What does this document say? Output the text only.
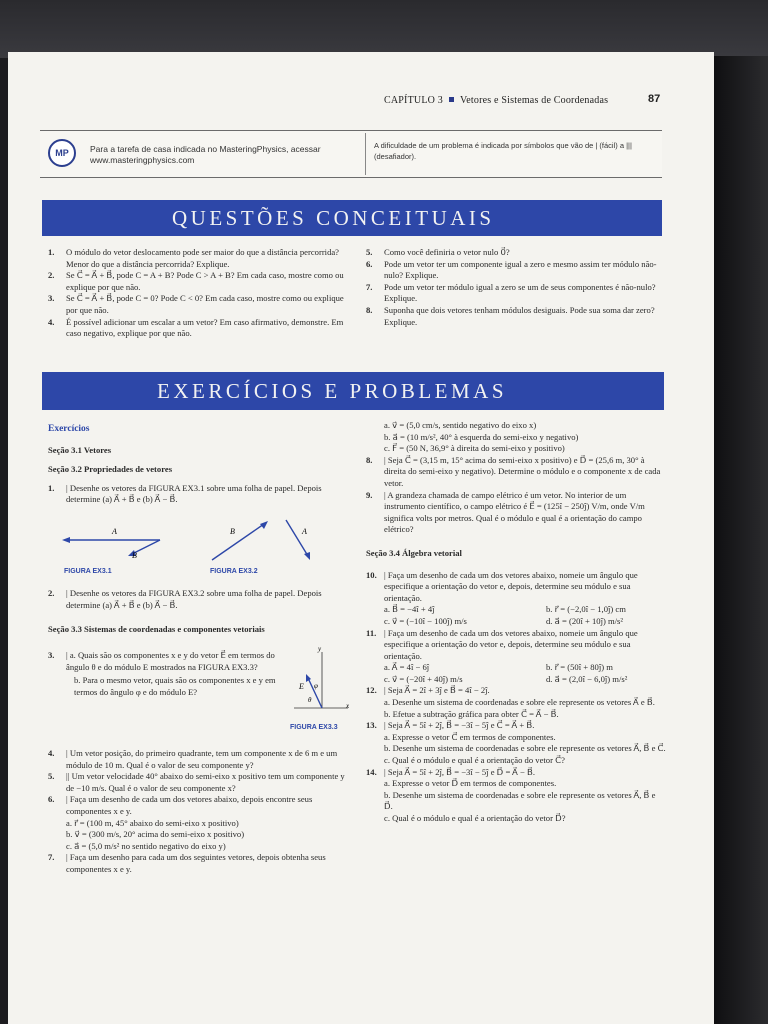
CAPÍTULO 3 Vetores e Sistemas de Coordenadas	87
MP	Para a tarefa de casa indicada no MasteringPhysics, acessar www.masteringphysics.com
A dificuldade de um problema é indicada por símbolos que vão de | (fácil) a ||| (desafiador).
QUESTÕES CONCEITUAIS

1. O módulo do vetor deslocamento pode ser maior do que a distância percorrida? Menor do que a distância percorrida? Explique.

2. Se C⃗ = A⃗ + B⃗, pode C = A + B? Pode C > A + B? Em cada caso, mostre como ou explique por que não.

3. Se C⃗ = A⃗ + B⃗, pode C = 0? Pode C < 0? Em cada caso, mostre como ou explique por que não.

4. É possível adicionar um escalar a um vetor? Em caso afirmativo, demonstre. Em caso negativo, explique por que não.

5. Como você definiria o vetor nulo 0⃗?

6. Pode um vetor ter um componente igual a zero e mesmo assim ter módulo não-nulo? Explique.

7. Pode um vetor ter módulo igual a zero se um de seus componentes é não-nulo? Explique.

8. Suponha que dois vetores tenham módulos desiguais. Pode sua soma dar zero? Explique.

EXERCÍCIOS E PROBLEMAS
Exercícios
Seção 3.1 Vetores
Seção 3.2 Propriedades de vetores

1. | Desenhe os vetores da FIGURA EX3.1 sobre uma folha de papel. Depois determine (a) A⃗ + B⃗ e (b) A⃗ − B⃗.

A⃗
B⃗
B⃗	A⃗
FIGURA EX3.1	FIGURA EX3.2

2. | Desenhe os vetores da FIGURA EX3.2 sobre uma folha de papel. Depois determine (a) A⃗ + B⃗ e (b) A⃗ − B⃗.

Seção 3.3 Sistemas de coordenadas e componentes vetoriais

3. | a. Quais são os componentes x e y do vetor E⃗ em termos do ângulo θ e do módulo E mostrados na FIGURA EX3.3?

b. Para o mesmo vetor, quais são os componentes x e y em termos do ângulo φ e do módulo E?

y
x
E⃗ φ
θ
FIGURA EX3.3

4. | Um vetor posição, do primeiro quadrante, tem um componente x de 6 m e um módulo de 10 m. Qual é o valor de seu componente y?

5. || Um vetor velocidade 40° abaixo do semi-eixo x positivo tem um componente y de −10 m/s. Qual é o valor de seu componente x?

6. | Faça um desenho de cada um dos vetores abaixo, depois encontre seus componentes x e y.

a. r⃗ = (100 m, 45° abaixo do semi-eixo x positivo)
b. v⃗ = (300 m/s, 20° acima do semi-eixo x positivo)
c. a⃗ = (5,0 m/s² no sentido negativo do eixo y)

7. | Faça um desenho para cada um dos seguintes vetores, depois obtenha seus componentes x e y.

a. v⃗ = (5,0 cm/s, sentido negativo do eixo x)
b. a⃗ = (10 m/s², 40° à esquerda do semi-eixo y negativo)
c. F⃗ = (50 N, 36,9° à direita do semi-eixo y positivo)

8. | Seja C⃗ = (3,15 m, 15° acima do semi-eixo x positivo) e D⃗ = (25,6 m, 30° à direita do semi-eixo y negativo). Determine o módulo e o componente x de cada vetor.

9. | A grandeza chamada de campo elétrico é um vetor. No interior de um instrumento científico, o campo elétrico é E⃗ = (125î − 250ĵ) V/m, onde V/m significa volts por metros. Qual é o módulo e qual é a orientação do campo elétrico?

Seção 3.4 Álgebra vetorial

10. | Faça um desenho de cada um dos vetores abaixo, nomeie um ângulo que especifique a orientação do vetor e, depois, determine seu módulo e sua orientação.

a. B⃗ = −4î + 4ĵ	b. r⃗ = (−2,0î − 1,0ĵ) cm
c. v⃗ = (−10î − 100ĵ) m/s	d. a⃗ = (20î + 10ĵ) m/s²

11. | Faça um desenho de cada um dos vetores abaixo, nomeie um ângulo que especifique a orientação do vetor e, depois, determine seu módulo e sua orientação.

a. A⃗ = 4î − 6ĵ	b. r⃗ = (50î + 80ĵ) m
c. v⃗ = (−20î + 40ĵ) m/s	d. a⃗ = (2,0î − 6,0ĵ) m/s²

12. | Seja A⃗ = 2î + 3ĵ e B⃗ = 4î − 2ĵ.

a. Desenhe um sistema de coordenadas e sobre ele represente os vetores A⃗ e B⃗.
b. Efetue a subtração gráfica para obter C⃗ = A⃗ − B⃗.

13. | Seja A⃗ = 5î + 2ĵ, B⃗ = −3î − 5ĵ e C⃗ = A⃗ + B⃗.

a. Expresse o vetor C⃗ em termos de componentes.
b. Desenhe um sistema de coordenadas e sobre ele represente os vetores A⃗, B⃗ e C⃗.
c. Qual é o módulo e qual é a orientação do vetor C⃗?

14. | Seja A⃗ = 5î + 2ĵ, B⃗ = −3î − 5ĵ e D⃗ = A⃗ − B⃗.

a. Expresse o vetor D⃗ em termos de componentes.
b. Desenhe um sistema de coordenadas e sobre ele represente os vetores A⃗, B⃗ e D⃗.
c. Qual é o módulo e qual é a orientação do vetor D⃗?
